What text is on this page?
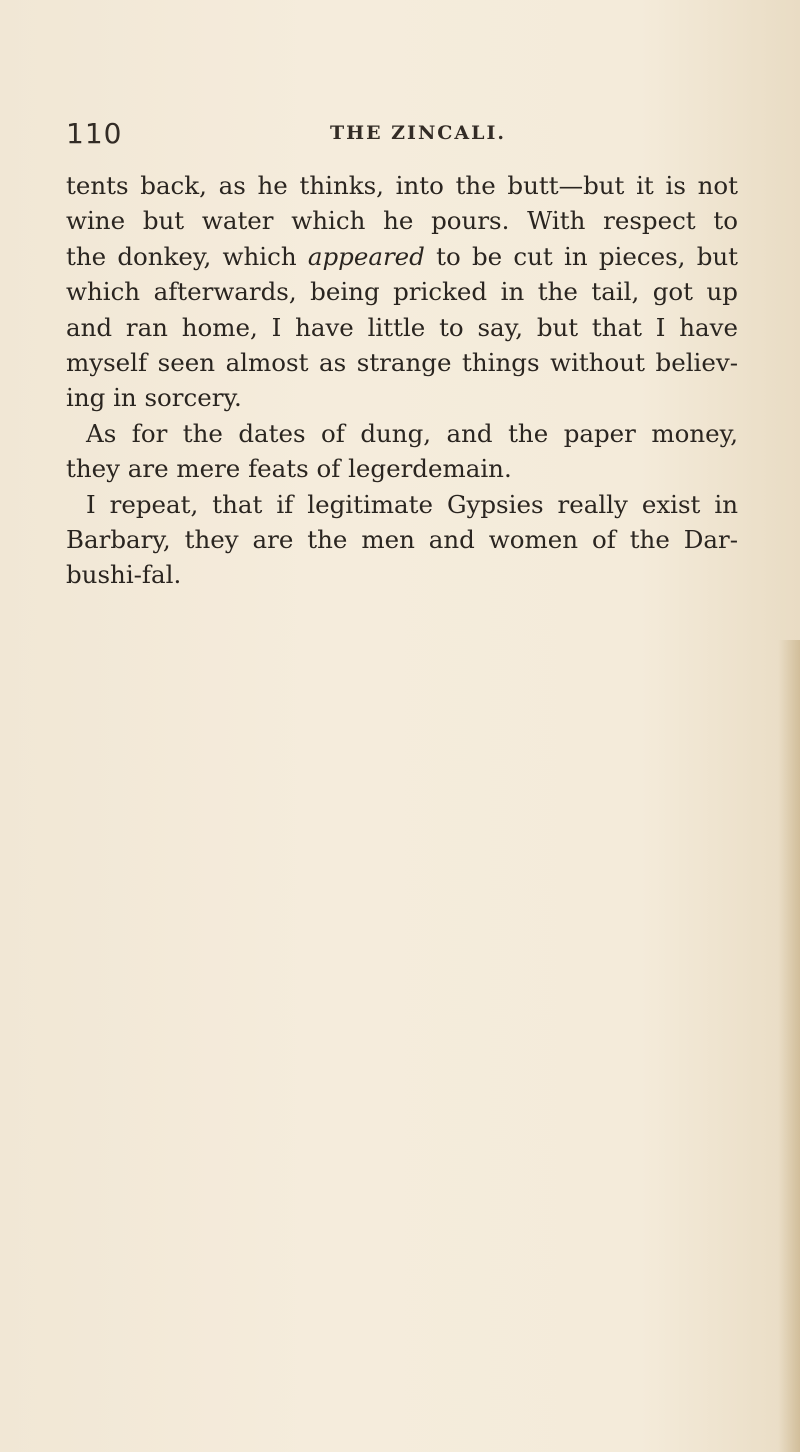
110	THE ZINCALI.
tents back, as he thinks, into the butt—but it is not
wine but water which he pours. With respect to
the donkey, which appeared to be cut in pieces, but
which afterwards, being pricked in the tail, got up
and ran home, I have little to say, but that I have
myself seen almost as strange things without believ-
ing in sorcery.
As for the dates of dung, and the paper money,
they are mere feats of legerdemain.
I repeat, that if legitimate Gypsies really exist in
Barbary, they are the men and women of the Dar-
bushi-fal.
